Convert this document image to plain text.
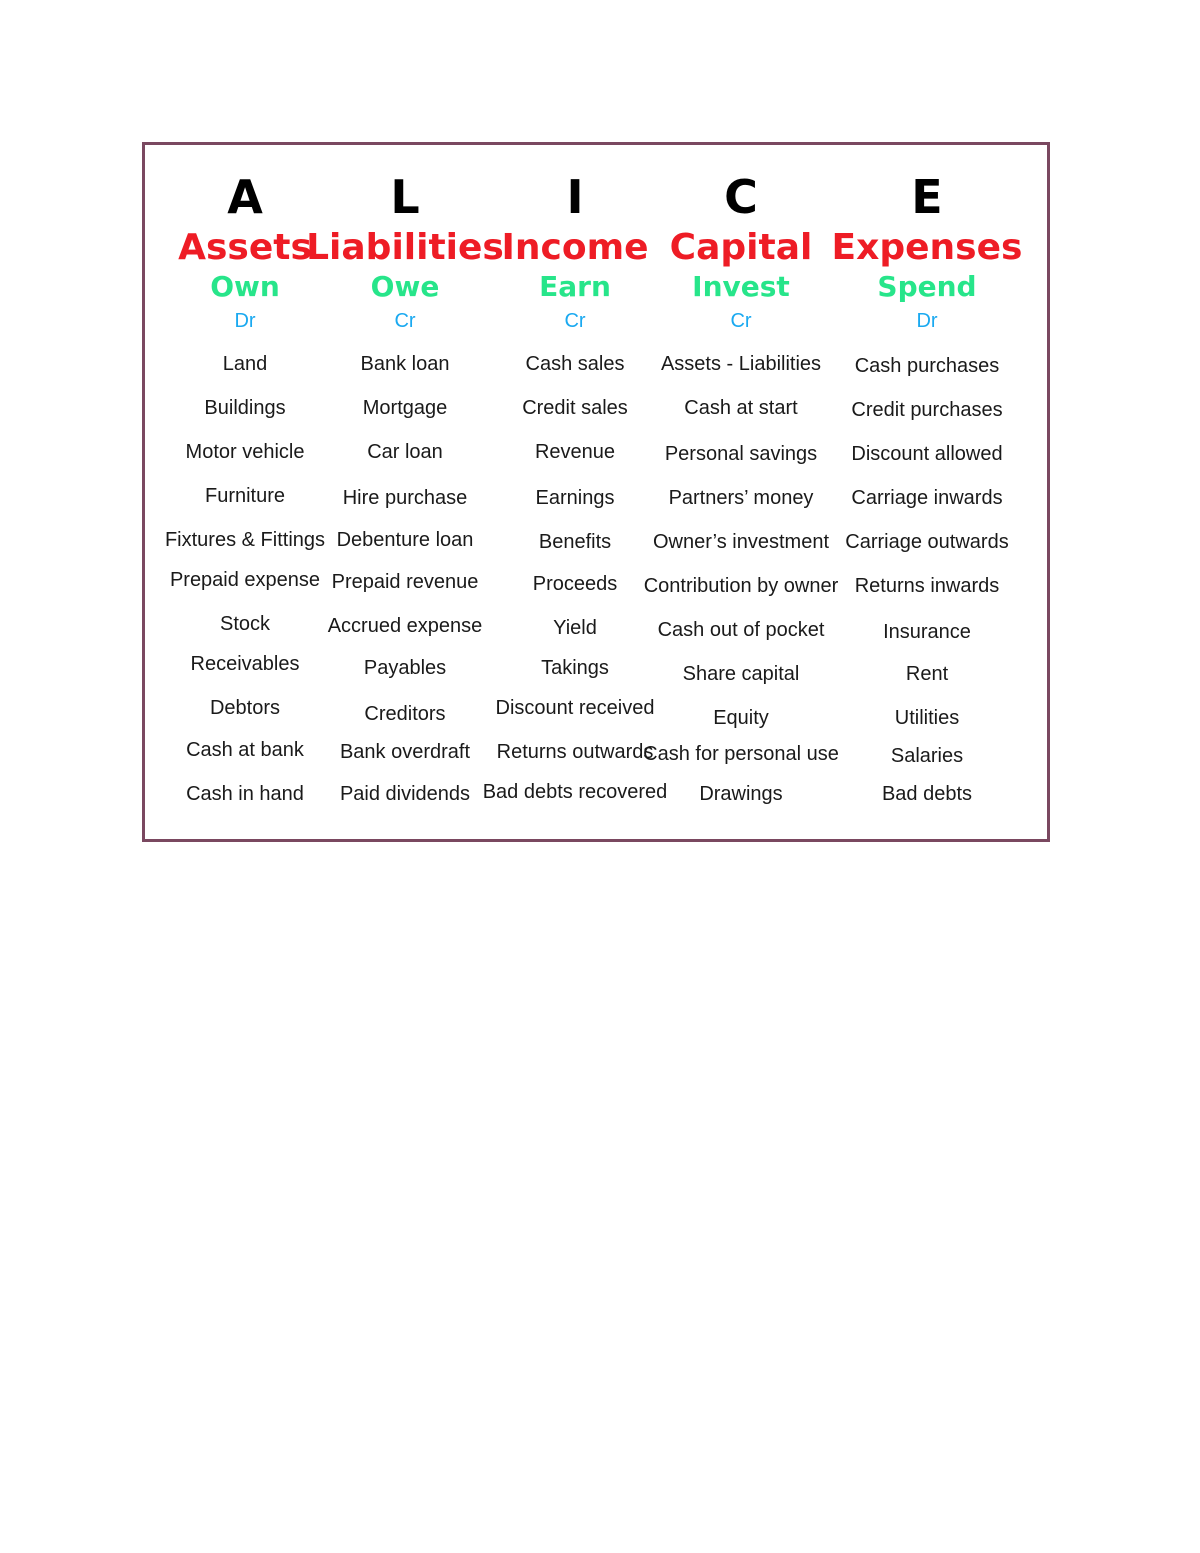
A
Assets
Own
Dr
Land
Buildings
Motor vehicle
Furniture
Fixtures & Fittings
Prepaid expense
Stock
Receivables
Debtors
Cash at bank
Cash in hand
L
Liabilities
Owe
Cr
Bank loan
Mortgage
Car loan
Hire purchase
Debenture loan
Prepaid revenue
Accrued expense
Payables
Creditors
Bank overdraft
Paid dividends
I
Income
Earn
Cr
Cash sales
Credit sales
Revenue
Earnings
Benefits
Proceeds
Yield
Takings
Discount received
Returns outwards
Bad debts recovered
C
Capital
Invest
Cr
Assets - Liabilities
Cash at start
Personal savings
Partners’ money
Owner’s investment
Contribution by owner
Cash out of pocket
Share capital
Equity
Cash for personal use
Drawings
E
Expenses
Spend
Dr
Cash purchases
Credit purchases
Discount allowed
Carriage inwards
Carriage outwards
Returns inwards
Insurance
Rent
Utilities
Salaries
Bad debts
